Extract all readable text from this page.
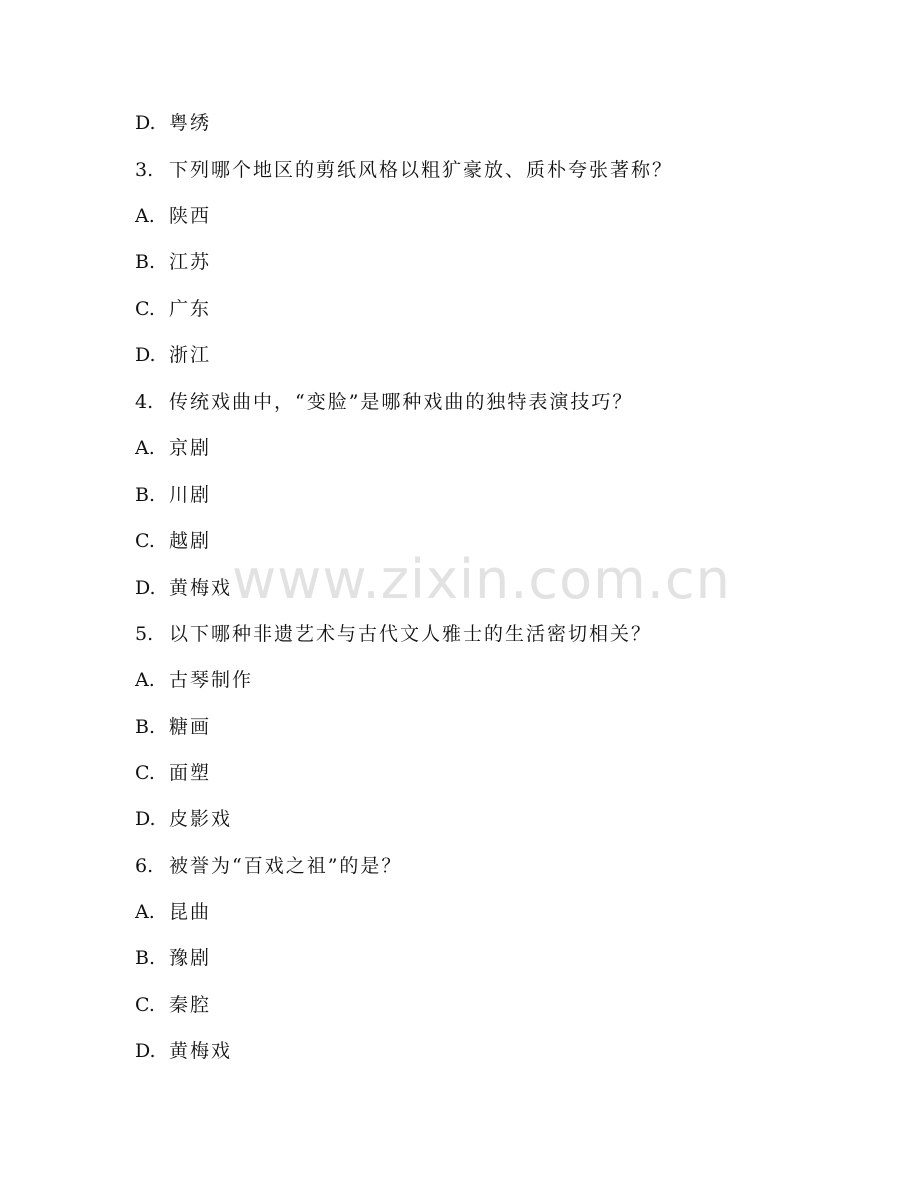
D. 粤绣
3. 下列哪个地区的剪纸风格以粗犷豪放、质朴夸张著称？
A. 陕西
B. 江苏
C. 广东
D. 浙江
4. 传统戏曲中，“变脸”是哪种戏曲的独特表演技巧？
A. 京剧
B. 川剧
C. 越剧
D. 黄梅戏
5. 以下哪种非遗艺术与古代文人雅士的生活密切相关？
A. 古琴制作
B. 糖画
C. 面塑
D. 皮影戏
6. 被誉为“百戏之祖”的是？
A. 昆曲
B. 豫剧
C. 秦腔
D. 黄梅戏
www.zixin.com.cn
